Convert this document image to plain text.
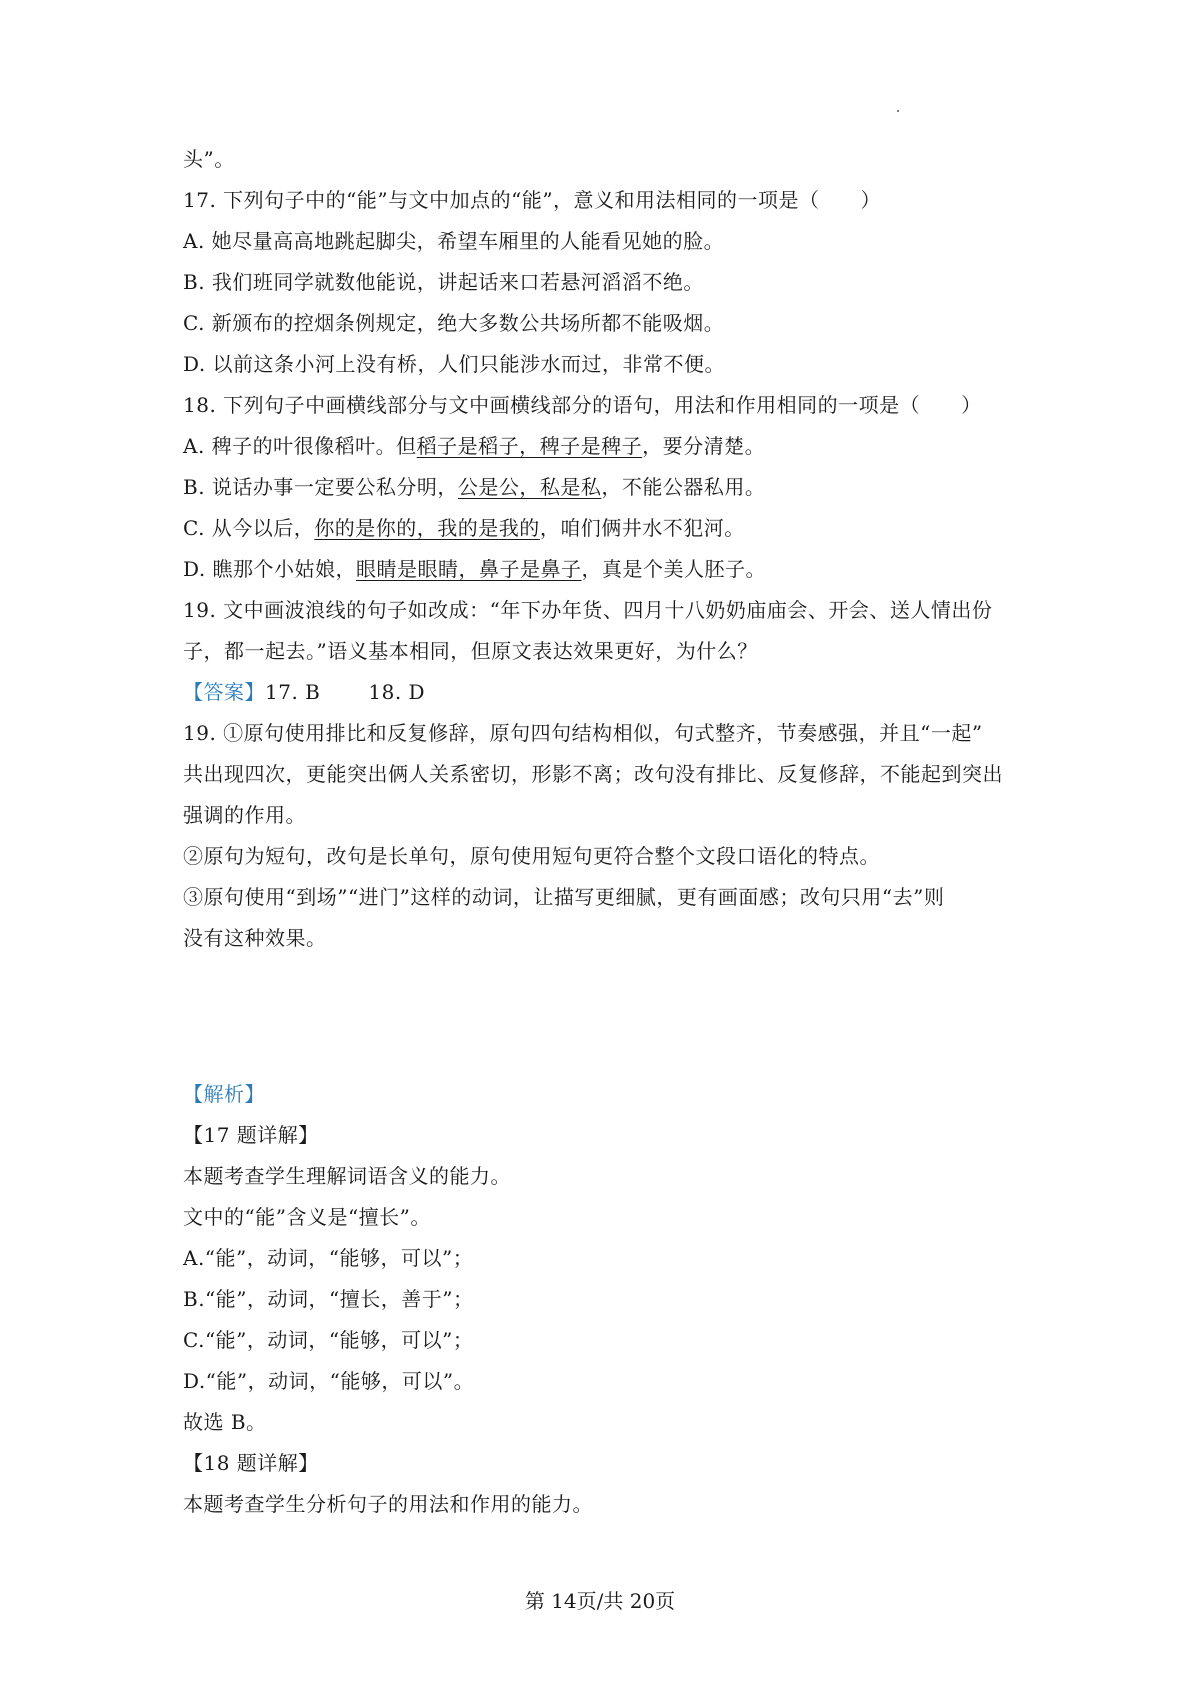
头”。
17. 下列句子中的“能”与文中加点的“能”，意义和用法相同的一项是（　　）
A. 她尽量高高地跳起脚尖，希望车厢里的人能看见她的脸。
B. 我们班同学就数他能说，讲起话来口若悬河滔滔不绝。
C. 新颁布的控烟条例规定，绝大多数公共场所都不能吸烟。
D. 以前这条小河上没有桥，人们只能涉水而过，非常不便。
18. 下列句子中画横线部分与文中画横线部分的语句，用法和作用相同的一项是（　　）
A. 稗子的叶很像稻叶。但稻子是稻子，稗子是稗子，要分清楚。
B. 说话办事一定要公私分明，公是公，私是私，不能公器私用。
C. 从今以后，你的是你的，我的是我的，咱们俩井水不犯河。
D. 瞧那个小姑娘，眼睛是眼睛，鼻子是鼻子，真是个美人胚子。
19. 文中画波浪线的句子如改成：“年下办年货、四月十八奶奶庙庙会、开会、送人情出份
子，都一起去。”语义基本相同，但原文表达效果更好，为什么？
【答案】17. B 18. D
19. ①原句使用排比和反复修辞，原句四句结构相似，句式整齐，节奏感强，并且“一起”
共出现四次，更能突出俩人关系密切，形影不离；改句没有排比、反复修辞，不能起到突出
强调的作用。
②原句为短句，改句是长单句，原句使用短句更符合整个文段口语化的特点。
③原句使用“到场”“进门”这样的动词，让描写更细腻，更有画面感；改句只用“去”则
没有这种效果。
【解析】
【17 题详解】
本题考查学生理解词语含义的能力。
文中的“能”含义是“擅长”。
A.“能”，动词，“能够，可以”；
B.“能”，动词，“擅长，善于”；
C.“能”，动词，“能够，可以”；
D.“能”，动词，“能够，可以”。
故选 B。
【18 题详解】
本题考查学生分析句子的用法和作用的能力。
第 14页/共 20页
